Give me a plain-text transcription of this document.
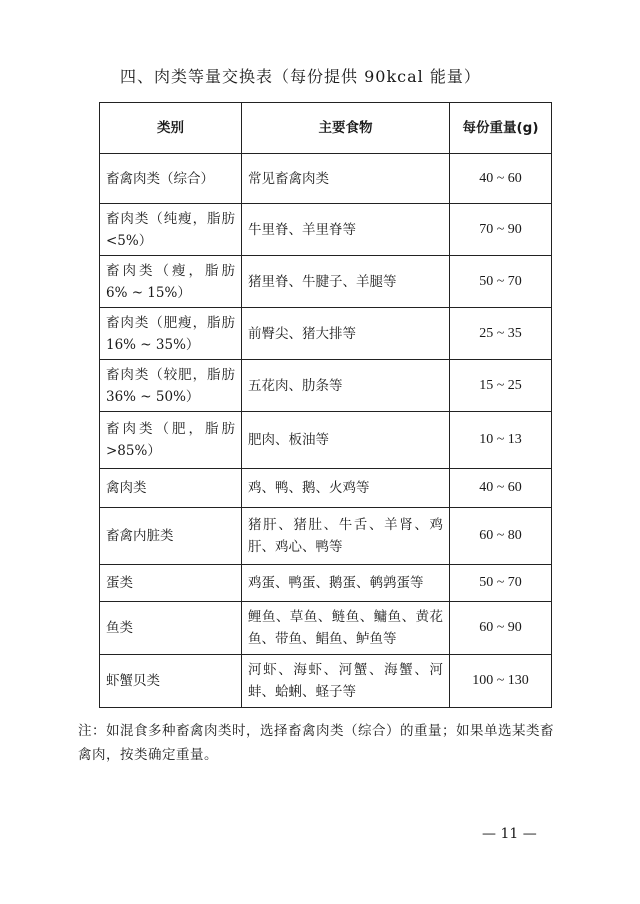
四、肉类等量交换表（每份提供 90kcal 能量）
类别	主要食物	每份重量(g)
畜禽肉类（综合）	常见畜禽肉类	40 ~ 60
畜肉类（纯瘦，脂肪<5%）	牛里脊、羊里脊等	70 ~ 90
畜肉类（瘦，脂肪6% ~ 15%）	猪里脊、牛腱子、羊腿等	50 ~ 70
畜肉类（肥瘦，脂肪16% ~ 35%）	前臀尖、猪大排等	25 ~ 35
畜肉类（较肥，脂肪36% ~ 50%）	五花肉、肋条等	15 ~ 25
畜肉类（肥，脂肪>85%）	肥肉、板油等	10 ~ 13
禽肉类	鸡、鸭、鹅、火鸡等	40 ~ 60
畜禽内脏类	猪肝、猪肚、牛舌、羊肾、鸡肝、鸡心、鸭等	60 ~ 80
蛋类	鸡蛋、鸭蛋、鹅蛋、鹌鹑蛋等	50 ~ 70
鱼类	鲤鱼、草鱼、鲢鱼、鳙鱼、黄花鱼、带鱼、鲳鱼、鲈鱼等	60 ~ 90
虾蟹贝类	河虾、海虾、河蟹、海蟹、河蚌、蛤蜊、蛏子等	100 ~ 130
注：如混食多种畜禽肉类时，选择畜禽肉类（综合）的重量；如果单选某类畜禽肉，按类确定重量。
— 11 —
